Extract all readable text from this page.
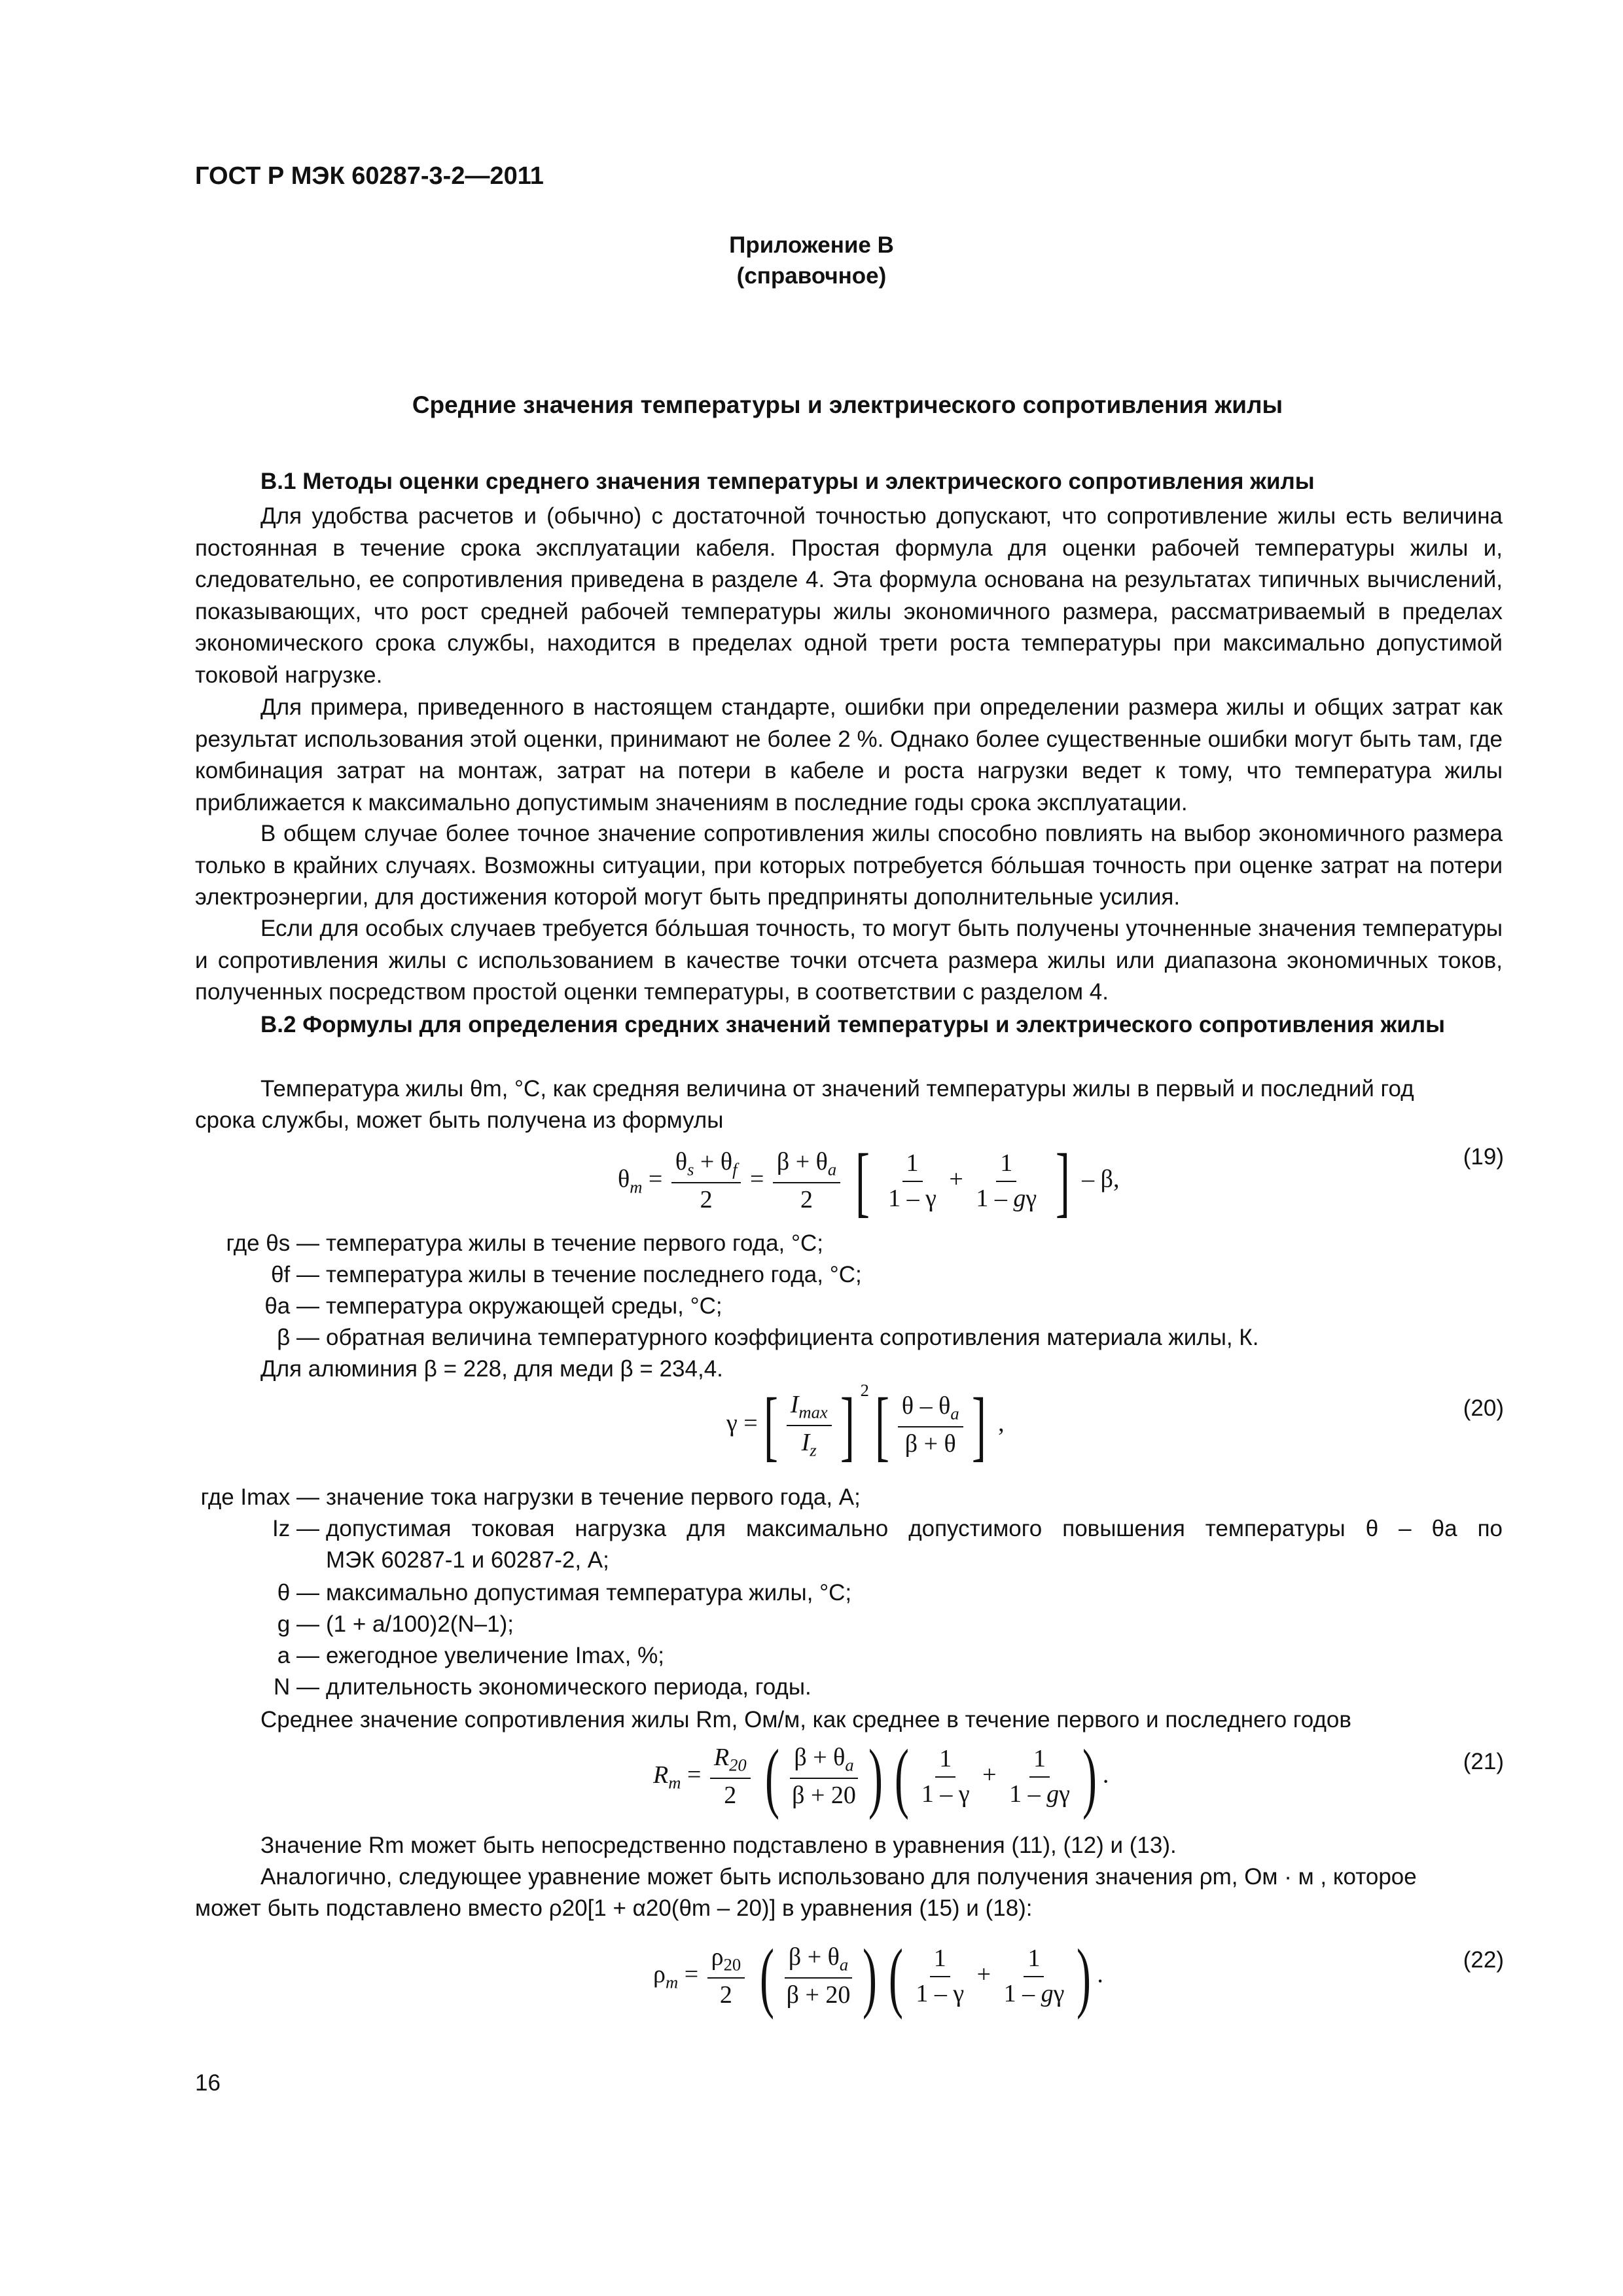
ГОСТ Р МЭК 60287-3-2—2011
Приложение В
(справочное)
Средние значения температуры и электрического сопротивления жилы
В.1 Методы оценки среднего значения температуры и электрического сопротивления жилы
Для удобства расчетов и (обычно) с достаточной точностью допускают, что сопротивление жилы есть величина постоянная в течение срока эксплуатации кабеля. Простая формула для оценки рабочей температуры жилы и, следовательно, ее сопротивления приведена в разделе 4. Эта формула основана на результатах типичных вычислений, показывающих, что рост средней рабочей температуры жилы экономичного размера, рассматриваемый в пределах экономического срока службы, находится в пределах одной трети роста температуры при максимально допустимой токовой нагрузке.
Для примера, приведенного в настоящем стандарте, ошибки при определении размера жилы и общих затрат как результат использования этой оценки, принимают не более 2 %. Однако более существенные ошибки могут быть там, где комбинация затрат на монтаж, затрат на потери в кабеле и роста нагрузки ведет к тому, что температура жилы приближается к максимально допустимым значениям в последние годы срока эксплуатации.
В общем случае более точное значение сопротивления жилы способно повлиять на выбор экономичного размера только в крайних случаях. Возможны ситуации, при которых потребуется бо́льшая точность при оценке затрат на потери электроэнергии, для достижения которой могут быть предприняты дополнительные усилия.
Если для особых случаев требуется бо́льшая точность, то могут быть получены уточненные значения температуры и сопротивления жилы с использованием в качестве точки отсчета размера жилы или диапазона экономичных токов, полученных посредством простой оценки температуры, в соответствии с разделом 4.
В.2 Формулы для определения средних значений температуры и электрического сопротивления жилы
Температура жилы θm, °С, как средняя величина от значений температуры жилы в первый и последний год
срока службы, может быть получена из формулы
$\theta_m = \frac{\theta_s + \theta_f}{2} = \frac{\beta + \theta_a}{2}$ [ $\frac{1}{1 - \gamma} + \frac{1}{1 - g\gamma}$ ] – β,
(19)
где θs — температура жилы в течение первого года, °С;
θf — температура жилы в течение последнего года, °С;
θa — температура окружающей среды, °С;
β — обратная величина температурного коэффициента сопротивления материала жилы, К.
Для алюминия β = 228, для меди β = 234,4.
γ =[ $\frac{I_{max}}{I_z}$ ] $^2[ \frac{\theta - \theta_a}{\beta + \theta}$ ] ,
(20)
где Imax — значение тока нагрузки в течение первого года, А;
Iz — допустимая токовая нагрузка для максимально допустимого повышения температуры θ – θa по
МЭК 60287-1 и 60287-2, А;
θ — максимально допустимая температура жилы, °С;
g — (1 + a/100)2(N–1);
a — ежегодное увеличение Imax, %;
N — длительность экономического периода, годы.
Среднее значение сопротивления жилы Rm, Ом/м, как среднее в течение первого и последнего годов
$R_m = \frac{R_{20}}{2}$ ( $\frac{\beta + \theta_a}{\beta + 20}$ ) ( $\frac{1}{1 - \gamma} + \frac{1}{1 - g\gamma}$ ) .	(21)
Значение Rm может быть непосредственно подставлено в уравнения (11), (12) и (13).
Аналогично, следующее уравнение может быть использовано для получения значения ρm, Ом · м , которое
может быть подставлено вместо ρ20[1 + α20(θm – 20)] в уравнения (15) и (18):
$\rho_m = \frac{\rho_{20}}{2}$ ( $\frac{\beta + \theta_a}{\beta + 20}$ ) ( $\frac{1}{1 - \gamma} + \frac{1}{1 - g\gamma}$ ) .
(22)
16
